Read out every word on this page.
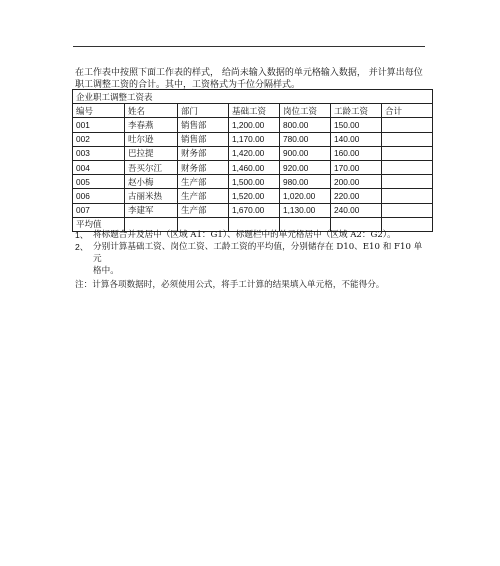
在工作表中按照下面工作表的样式， 给尚未输入数据的单元格输入数据， 并计算出每位职工调整工资的合计。其中，工资格式为千位分隔样式。
企业职工调整工资表						
编号	姓名	部门	基础工资	岗位工资	工龄工资	合计
001	李春燕	销售部	1,200.00	800.00	150.00	
002	吐尔逊	销售部	1,170.00	780.00	140.00	
003	巴拉提	财务部	1,420.00	900.00	160.00	
004	吾买尔江	财务部	1,460.00	920.00	170.00	
005	赵小梅	生产部	1,500.00	980.00	200.00	
006	古丽米热	生产部	1,520.00	1,020.00	220.00	
007	李建军	生产部	1,670.00	1,130.00	240.00	
平均值						
1、 将标题合并及居中（区域 A1：G1）、标题栏中的单元格居中（区域 A2：G2）。
2、 分别计算基础工资、岗位工资、工龄工资的平均值，分别储存在 D10、E10 和 F10 单元
格中。
注：计算各项数据时，必须使用公式，将手工计算的结果填入单元格，不能得分。
